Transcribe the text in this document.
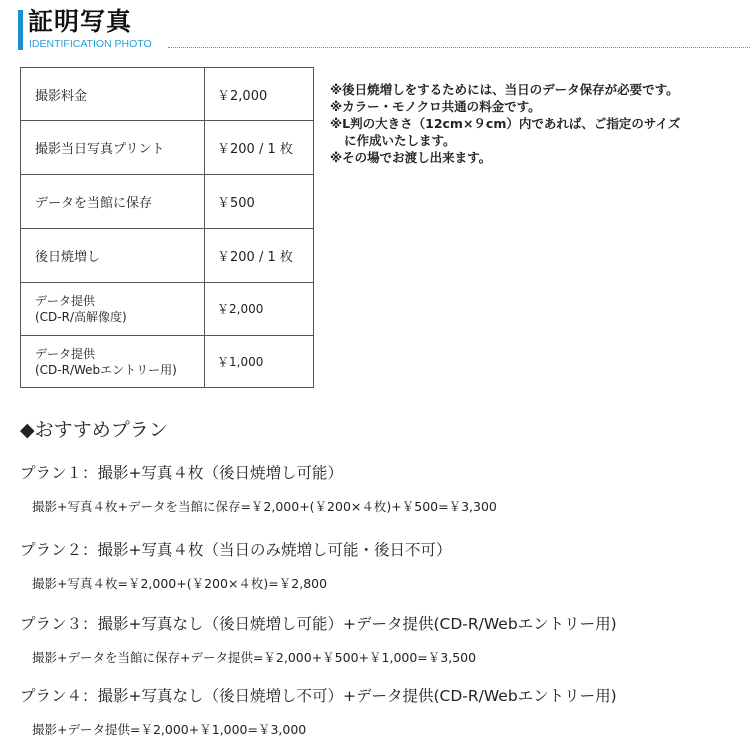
証明写真
IDENTIFICATION PHOTO
撮影料金	￥2,000
撮影当日写真プリント	￥200 / 1 枚
データを当館に保存	￥500
後日焼増し	￥200 / 1 枚

データ提供
(CD-R/高解像度)	￥2,000

データ提供
(CD-R/Webエントリー用)	￥1,000
※後日焼増しをするためには、当日のデータ保存が必要です。
※カラー・モノクロ共通の料金です。
※L判の大きさ（12cm×９cm）内であれば、ご指定のサイズ
に作成いたします。
※その場でお渡し出来ます。
◆おすすめプラン
プラン１：撮影+写真４枚（後日焼増し可能）
撮影+写真４枚+データを当館に保存=￥2,000+(￥200×４枚)+￥500=￥3,300
プラン２：撮影+写真４枚（当日のみ焼増し可能・後日不可）
撮影+写真４枚=￥2,000+(￥200×４枚)=￥2,800
プラン３：撮影+写真なし（後日焼増し可能）+データ提供(CD-R/Webエントリー用)
撮影+データを当館に保存+データ提供=￥2,000+￥500+￥1,000=￥3,500
プラン４：撮影+写真なし（後日焼増し不可）+データ提供(CD-R/Webエントリー用)
撮影+データ提供=￥2,000+￥1,000=￥3,000
